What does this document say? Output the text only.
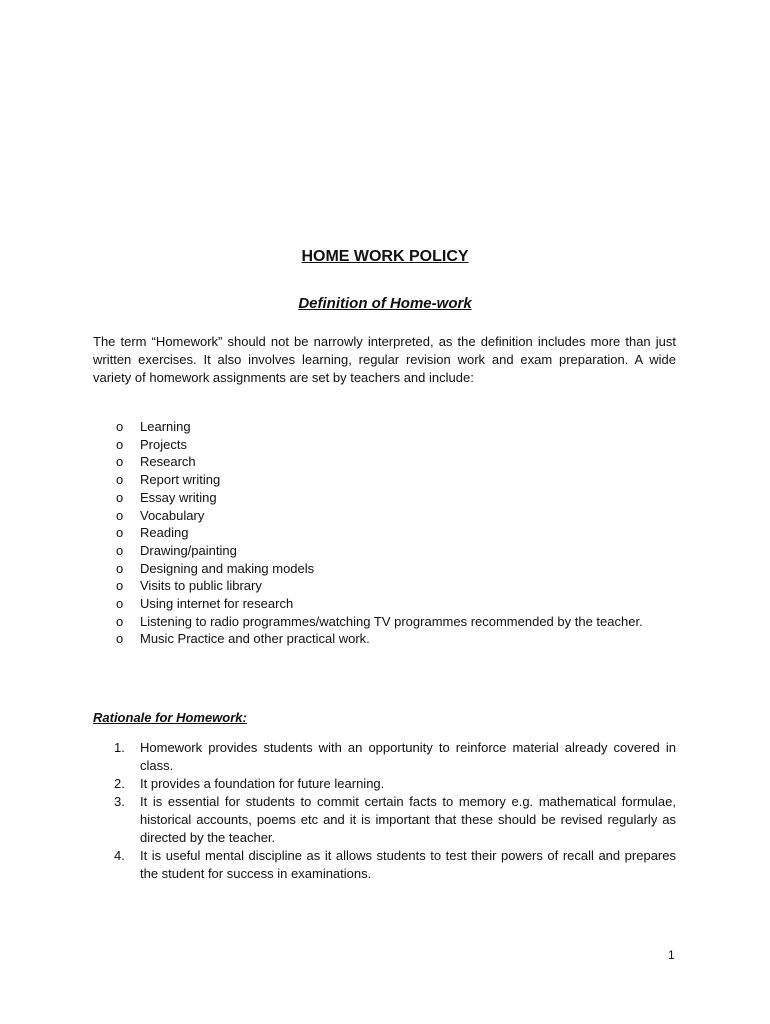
HOME WORK POLICY
Definition of Home-work

The term “Homework” should not be narrowly interpreted, as the definition includes more than just written exercises. It also involves learning, regular revision work and exam preparation. A wide variety of homework assignments are set by teachers and include:

o Learning
o Projects
o Research
o Report writing
o Essay writing
o Vocabulary
o Reading
o Drawing/painting
o Designing and making models
o Visits to public library
o Using internet for research
o Listening to radio programmes/watching TV programmes recommended by the teacher.
o Music Practice and other practical work.
Rationale for Homework:
1. Homework provides students with an opportunity to reinforce material already covered in class.
2. It provides a foundation for future learning.
3. It is essential for students to commit certain facts to memory e.g. mathematical formulae, historical accounts, poems etc and it is important that these should be revised regularly as directed by the teacher.
4. It is useful mental discipline as it allows students to test their powers of recall and prepares the student for success in examinations.
1
